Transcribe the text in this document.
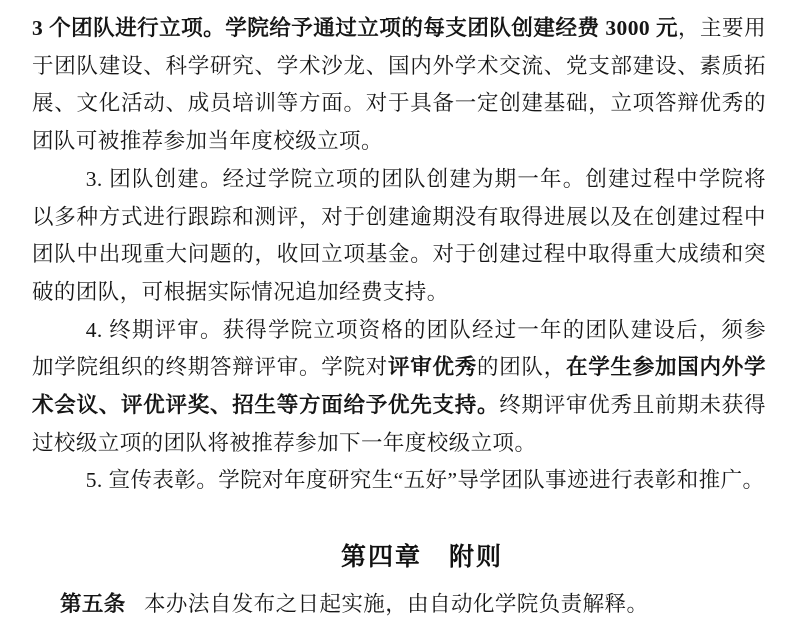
3 个团队进行立项。学院给予通过立项的每支团队创建经费 3000 元，主要用于团队建设、科学研究、学术沙龙、国内外学术交流、党支部建设、素质拓展、文化活动、成员培训等方面。对于具备一定创建基础，立项答辩优秀的团队可被推荐参加当年度校级立项。

3. 团队创建。经过学院立项的团队创建为期一年。创建过程中学院将以多种方式进行跟踪和测评，对于创建逾期没有取得进展以及在创建过程中团队中出现重大问题的，收回立项基金。对于创建过程中取得重大成绩和突破的团队，可根据实际情况追加经费支持。

4. 终期评审。获得学院立项资格的团队经过一年的团队建设后，须参加学院组织的终期答辩评审。学院对评审优秀的团队，在学生参加国内外学术会议、评优评奖、招生等方面给予优先支持。终期评审优秀且前期未获得过校级立项的团队将被推荐参加下一年度校级立项。

5. 宣传表彰。学院对年度研究生“五好”导学团队事迹进行表彰和推广。

第四章　附则

第五条 本办法自发布之日起实施，由自动化学院负责解释。
